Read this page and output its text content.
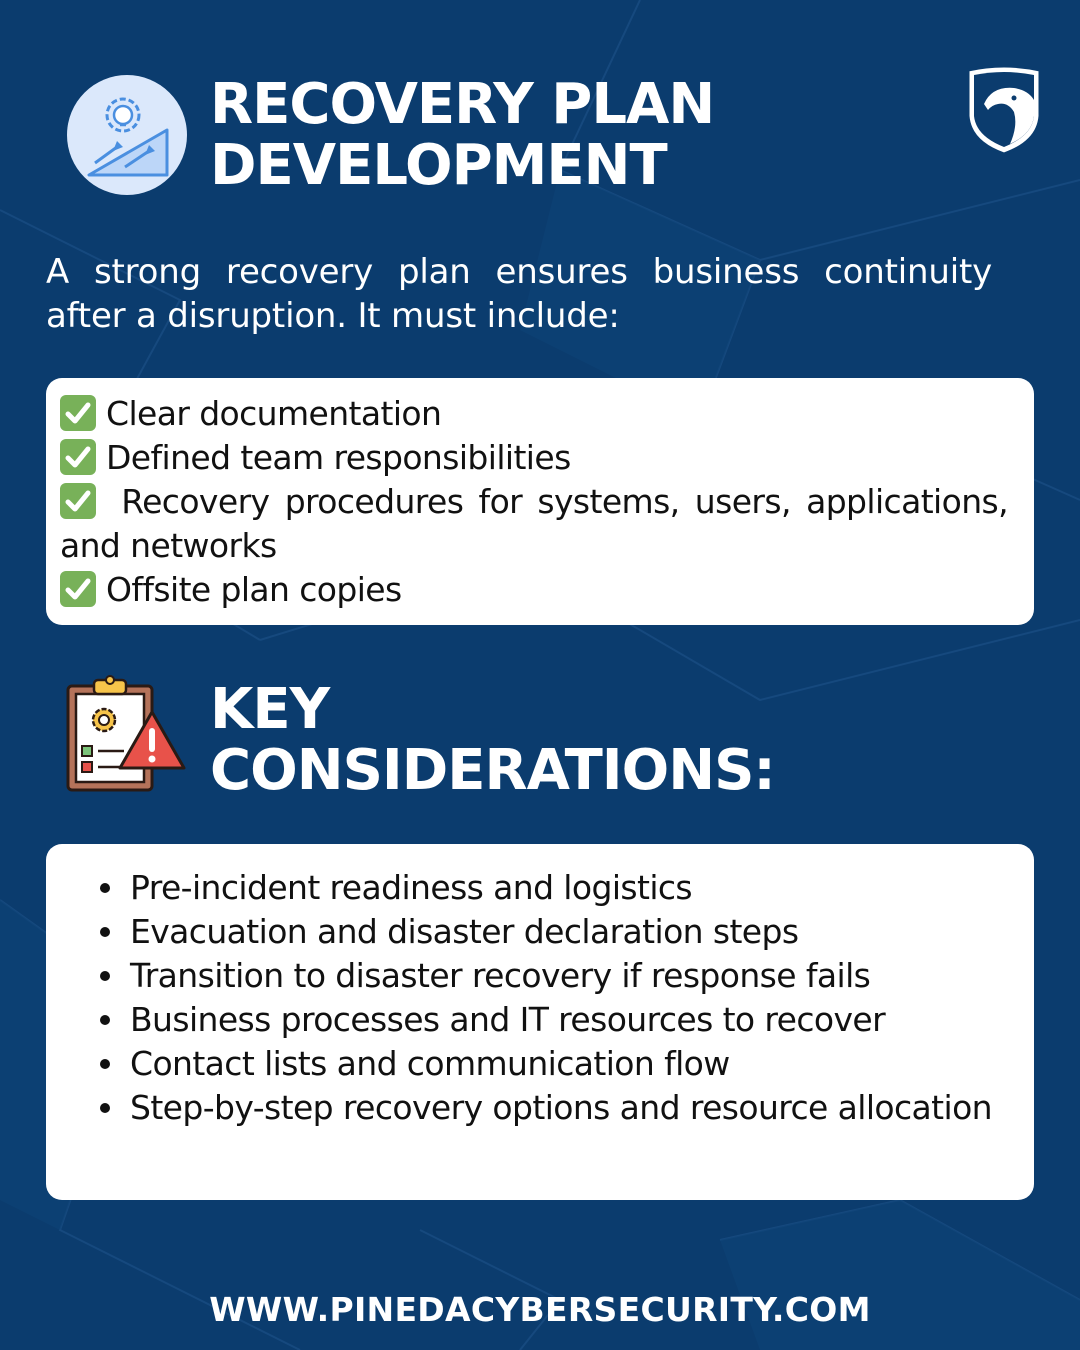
RECOVERY PLAN
DEVELOPMENT

A strong recovery plan ensures business continuity after a disruption. It must include:

Clear documentation
Defined team responsibilities
Recovery procedures for systems, users, applications, and networks
Offsite plan copies
KEY
CONSIDERATIONS:
Pre-incident readiness and logistics
Evacuation and disaster declaration steps
Transition to disaster recovery if response fails
Business processes and IT resources to recover
Contact lists and communication flow
Step-by-step recovery options and resource allocation

WWW.PINEDACYBERSECURITY.COM
